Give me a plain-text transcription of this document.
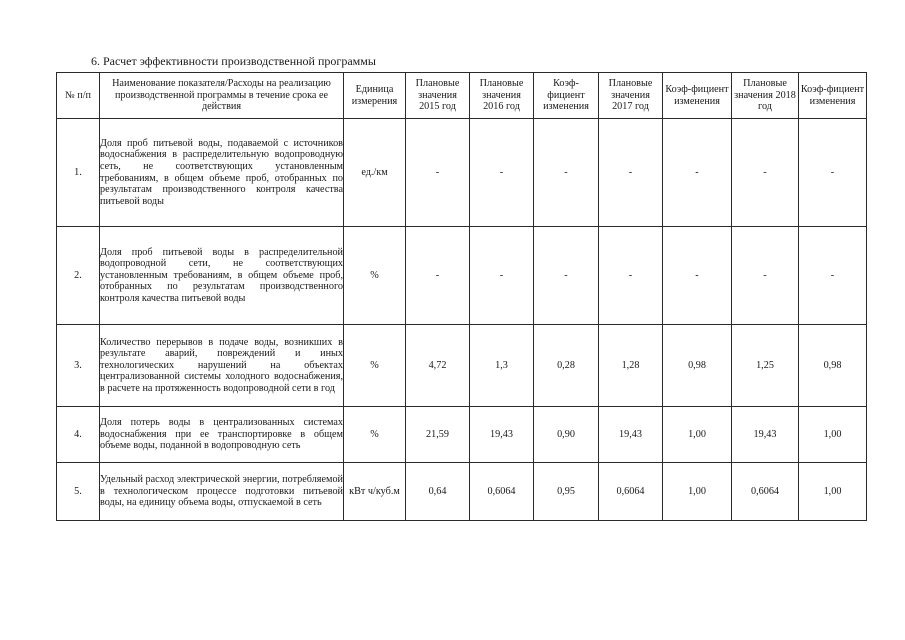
6. Расчет эффективности производственной программы
№ п/п	Наименование показателя/Расходы на реализацию производственной программы в течение срока ее действия	Единица измерения	Плановые значения 2015 год	Плановые значения 2016 год	Коэф-фициент изменения	Плановые значения 2017 год	Коэф-фициент изменения	Плановые значения 2018 год	Коэф-фициент изменения
1.	Доля проб питьевой воды, подаваемой с источников водоснабжения в распределительную водопроводную сеть, не соответствующих установленным требованиям, в общем объеме проб, отобранных по результатам производственного контроля качества питьевой воды	ед./км	-	-	-	-	-	-	-
2.	Доля проб питьевой воды в распределительной водопроводной сети, не соответствующих установленным требованиям, в общем объеме проб, отобранных по результатам производственного контроля качества питьевой воды	%	-	-	-	-	-	-	-
3.	Количество перерывов в подаче воды, возникших в результате аварий, повреждений и иных технологических нарушений на объектах централизованной системы холодного водоснабжения, в расчете на протяженность водопроводной сети в год	%	4,72	1,3	0,28	1,28	0,98	1,25	0,98
4.	Доля потерь воды в централизованных системах водоснабжения при ее транспортировке в общем объеме воды, поданной в водопроводную сеть	%	21,59	19,43	0,90	19,43	1,00	19,43	1,00
5.	Удельный расход электрической энергии, потребляемой в технологическом процессе подготовки питьевой воды, на единицу объема воды, отпускаемой в сеть	кВт ч/куб.м	0,64	0,6064	0,95	0,6064	1,00	0,6064	1,00
